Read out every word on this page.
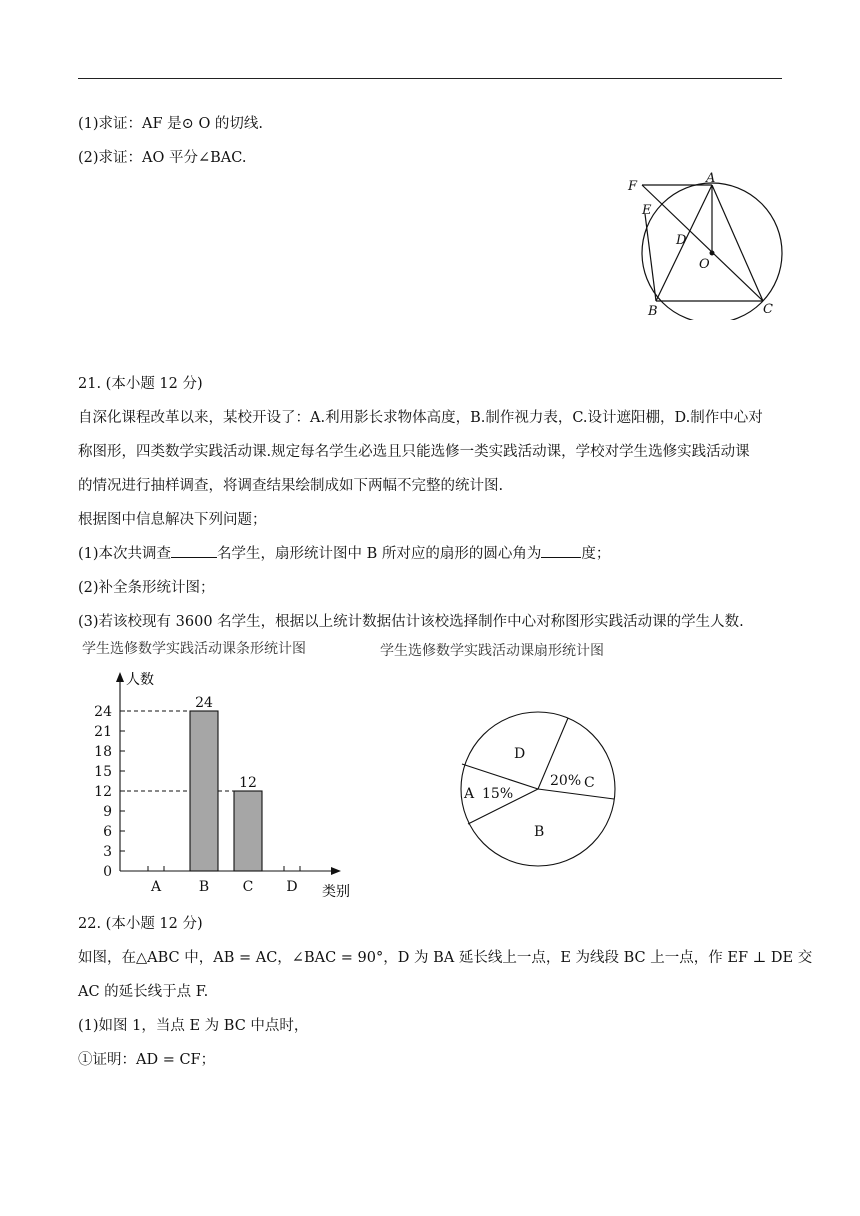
(1)求证：AF 是⊙ O 的切线.
(2)求证：AO 平分∠BAC.
F
A
E
D
O
B	C
21. (本小题 12 分)
自深化课程改革以来，某校开设了：A.利用影长求物体高度，B.制作视力表，C.设计遮阳棚，D.制作中心对
称图形，四类数学实践活动课.规定每名学生必选且只能选修一类实践活动课，学校对学生选修实践活动课
的情况进行抽样调查，将调查结果绘制成如下两幅不完整的统计图.
根据图中信息解决下列问题；
(1)本次共调查	名学生，扇形统计图中 B 所对应的扇形的圆心角为	度；
(2)补全条形统计图；
(3)若该校现有 3600 名学生，根据以上统计数据估计该校选择制作中心对称图形实践活动课的学生人数.
学生选修数学实践活动课条形统计图
人数
类别
0
3
6
9
12
15
18
21
24
A	B C D
24
12
学生选修数学实践活动课扇形统计图
D
20% C
A 15%
B
22. (本小题 12 分)
如图，在△ABC 中，AB = AC，∠BAC = 90°，D 为 BA 延长线上一点，E 为线段 BC 上一点，作 EF ⊥ DE 交
AC 的延长线于点 F.
(1)如图 1，当点 E 为 BC 中点时，
①证明：AD = CF；
